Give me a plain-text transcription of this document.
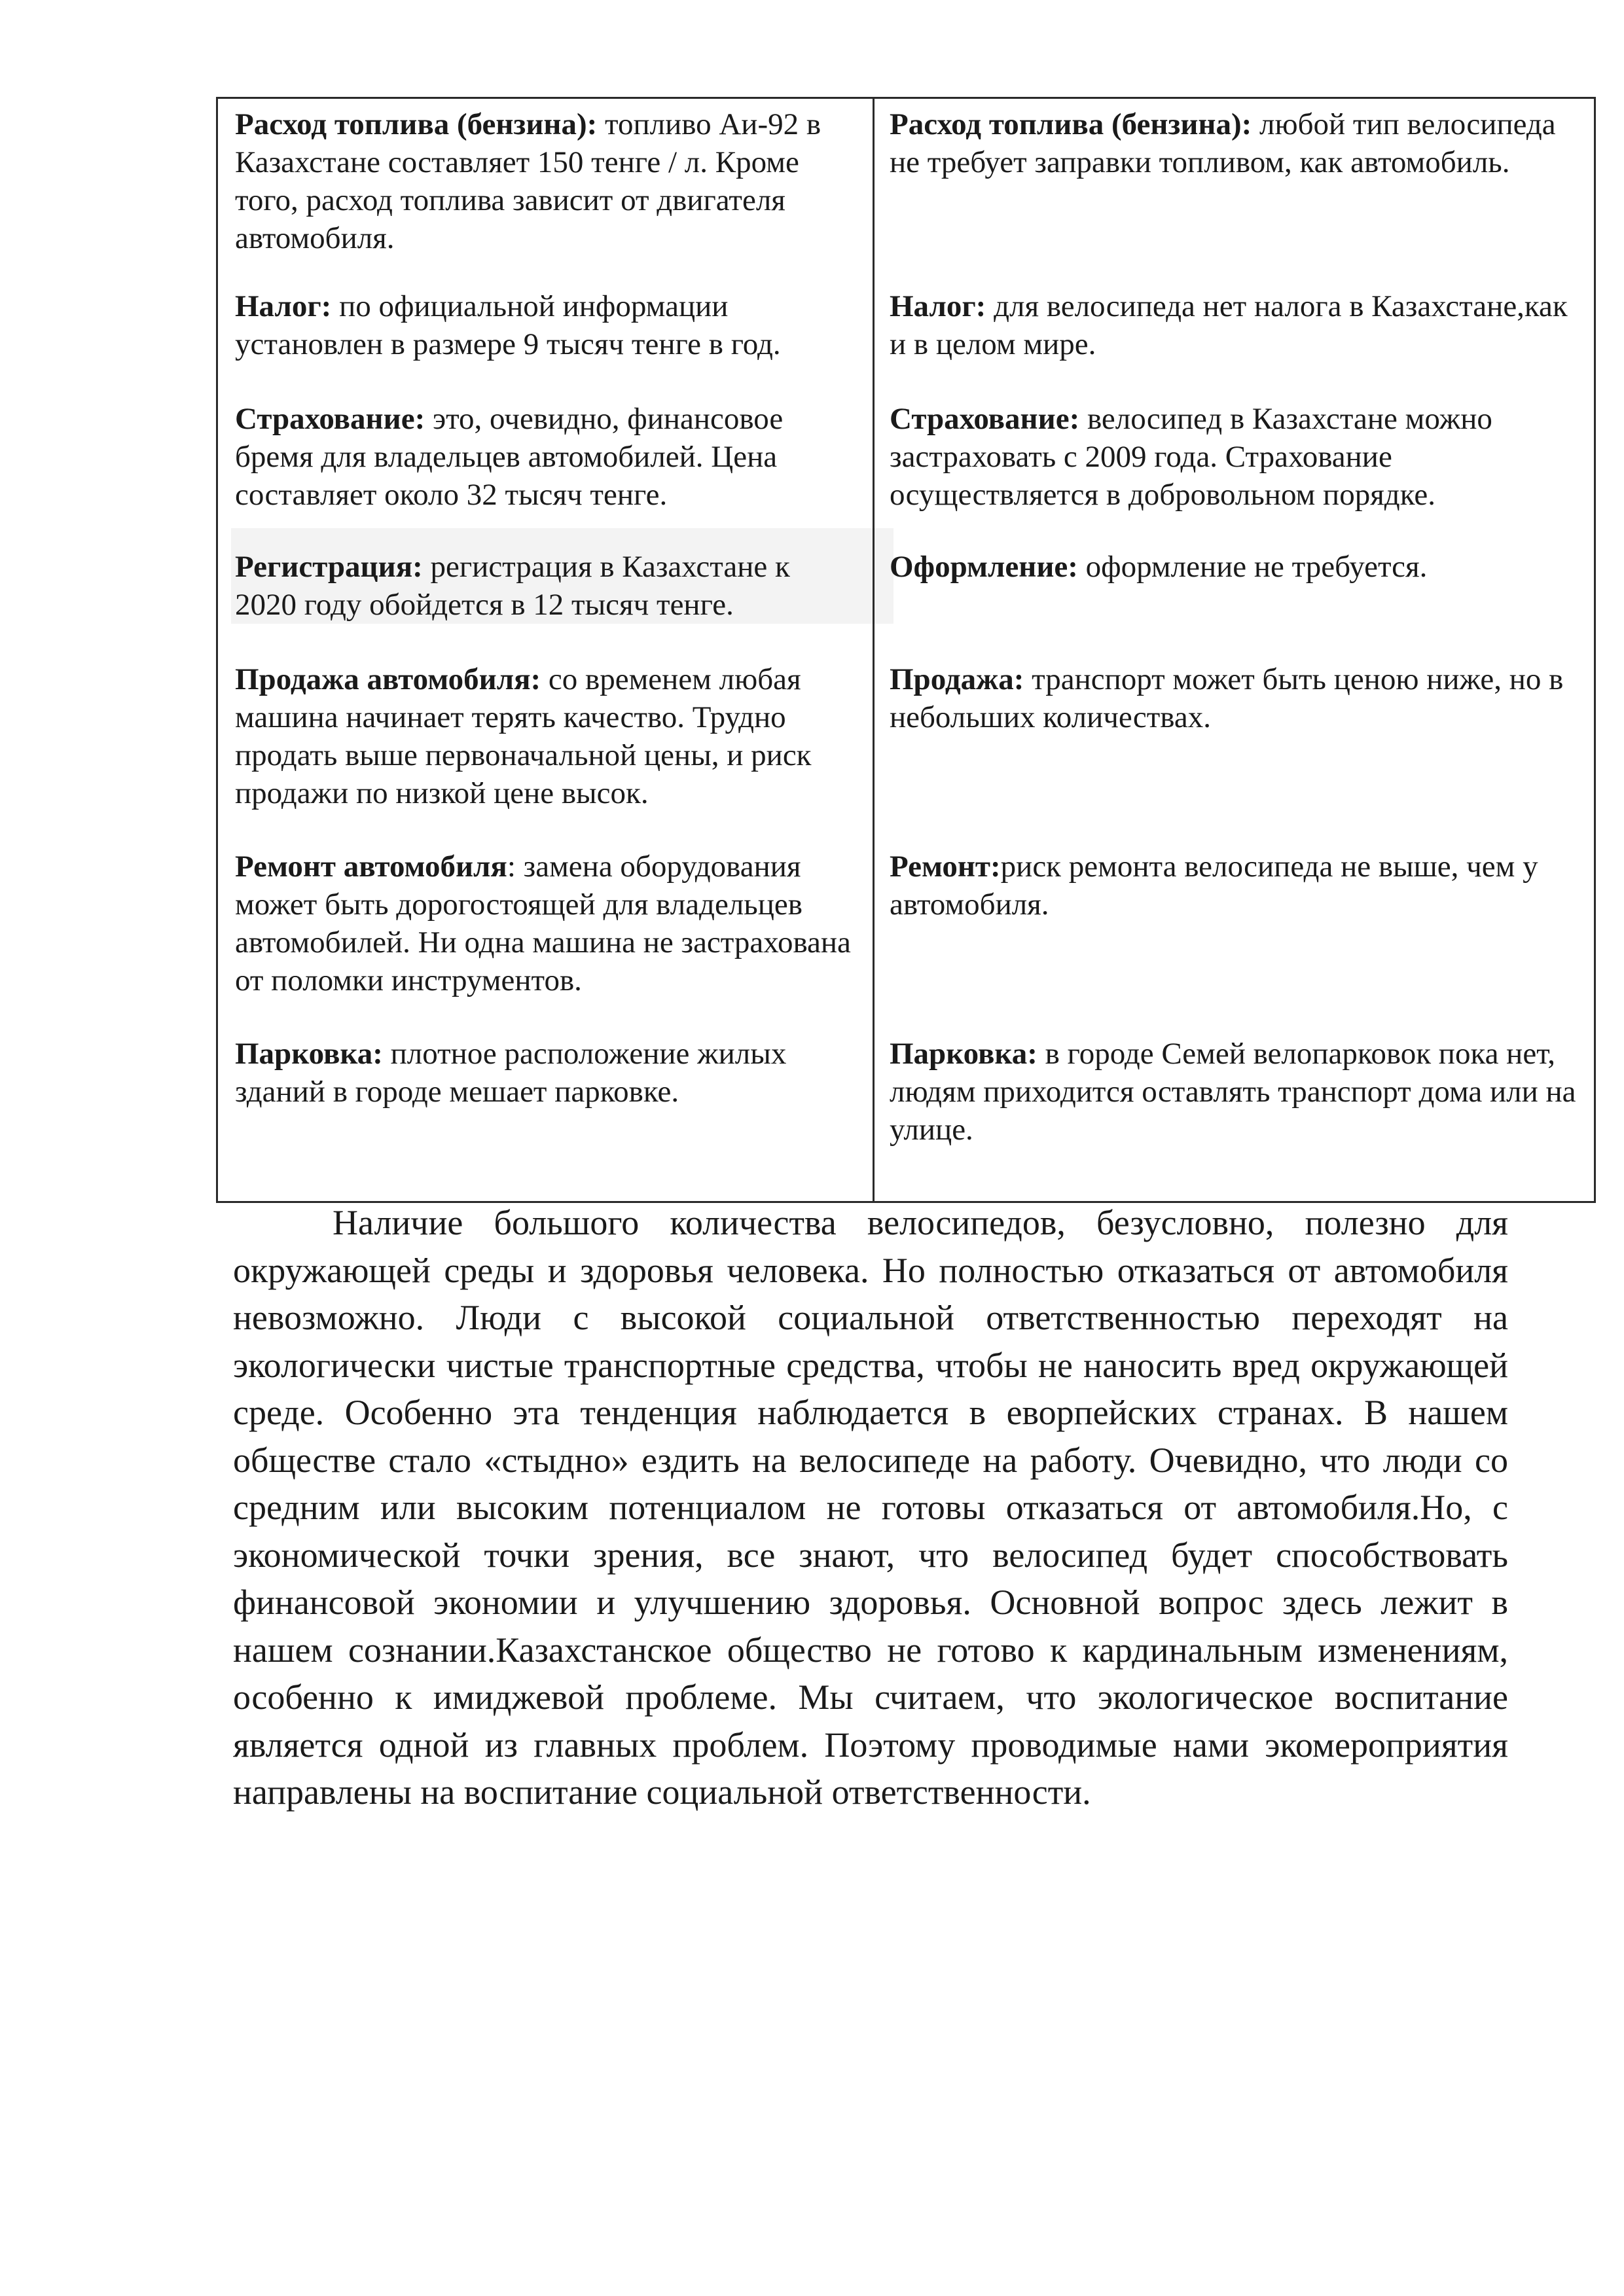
Расход топлива (бензина): топливо Аи-92 в Казахстане составляет 150 тенге / л. Кроме того, расход топлива зависит от двигателя автомобиля.
Налог: по официальной информации установлен в размере 9 тысяч тенге в год.
Страхование: это, очевидно, финансовое бремя для владельцев автомобилей. Цена составляет около 32 тысяч тенге.
Регистрация: регистрация в Казахстане к 2020 году обойдется в 12 тысяч тенге.
Продажа автомобиля: со временем любая машина начинает терять качество. Трудно продать выше первоначальной цены, и риск продажи по низкой цене высок.
Ремонт автомобиля: замена оборудования может быть дорогостоящей для владельцев автомобилей. Ни одна машина не застрахована от поломки инструментов.
Парковка: плотное расположение жилых зданий в городе мешает парковке.
Расход топлива (бензина): любой тип велосипеда не требует заправки топливом, как автомобиль.
Налог: для велосипеда нет налога в Казахстане,как и в целом мире.
Страхование: велосипед в Казахстане можно застраховать с 2009 года. Страхование осуществляется в добровольном порядке.
Оформление: оформление не требуется.
Продажа: транспорт может быть ценою ниже, но в небольших количествах.
Ремонт:риск ремонта велосипеда не выше, чем у автомобиля.
Парковка: в городе Семей велопарковок пока нет, людям приходится оставлять транспорт дома или на улице.

Наличие большого количества велосипедов, безусловно, полезно для окружающей среды и здоровья человека. Но полностью отказаться от автомобиля невозможно. Люди с высокой социальной ответственностью переходят на экологически чистые транспортные средства, чтобы не наносить вред окружающей среде. Особенно эта тенденция наблюдается в еворпейских странах. В нашем обществе стало «стыдно» ездить на велосипеде на работу. Очевидно, что люди со средним или высоким потенциалом не готовы отказаться от автомобиля.Но, с экономической точки зрения, все знают, что велосипед будет способствовать финансовой экономии и улучшению здоровья. Основной вопрос здесь лежит в нашем сознании.Казахстанское общество не готово к кардинальным изменениям, особенно к имиджевой проблеме. Мы считаем, что экологическое воспитание является одной из главных проблем. Поэтому проводимые нами экомероприятия направлены на воспитание социальной ответственности.
